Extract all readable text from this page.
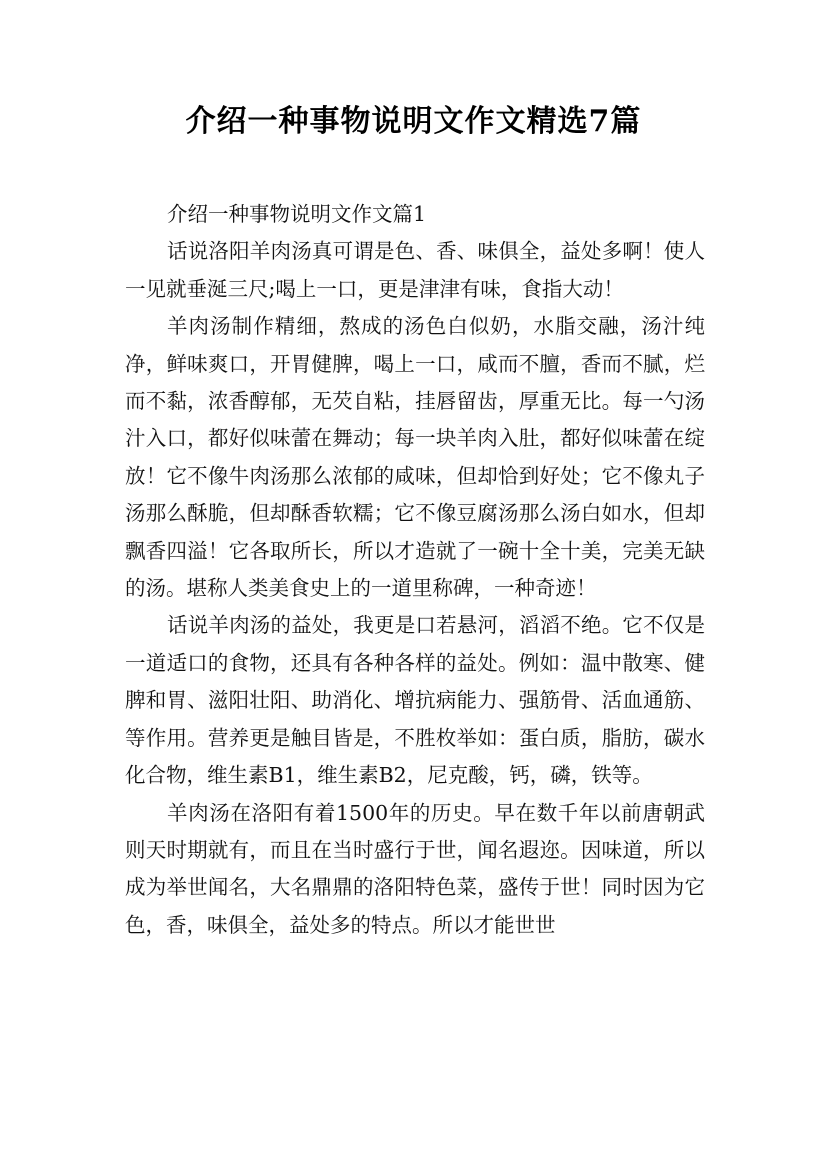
介绍一种事物说明文作文精选7篇

介绍一种事物说明文作文篇1

话说洛阳羊肉汤真可谓是色、香、味俱全，益处多啊！使人一见就垂涎三尺;喝上一口，更是津津有味，食指大动！

羊肉汤制作精细，熬成的汤色白似奶，水脂交融，汤汁纯净，鲜味爽口，开胃健脾，喝上一口，咸而不膻，香而不腻，烂而不黏，浓香醇郁，无芡自粘，挂唇留齿，厚重无比。每一勺汤汁入口，都好似味蕾在舞动；每一块羊肉入肚，都好似味蕾在绽放！它不像牛肉汤那么浓郁的咸味，但却恰到好处；它不像丸子汤那么酥脆，但却酥香软糯；它不像豆腐汤那么汤白如水，但却飘香四溢！它各取所长，所以才造就了一碗十全十美，完美无缺的汤。堪称人类美食史上的一道里称碑，一种奇迹！

话说羊肉汤的益处，我更是口若悬河，滔滔不绝。它不仅是一道适口的食物，还具有各种各样的益处。例如：温中散寒、健脾和胃、滋阳壮阳、助消化、增抗病能力、强筋骨、活血通筋、等作用。营养更是触目皆是，不胜枚举如：蛋白质，脂肪，碳水化合物，维生素B1，维生素B2，尼克酸，钙，磷，铁等。

羊肉汤在洛阳有着1500年的历史。早在数千年以前唐朝武则天时期就有，而且在当时盛行于世，闻名遐迩。因味道，所以成为举世闻名，大名鼎鼎的洛阳特色菜，盛传于世！同时因为它色，香，味俱全，益处多的特点。所以才能世世
